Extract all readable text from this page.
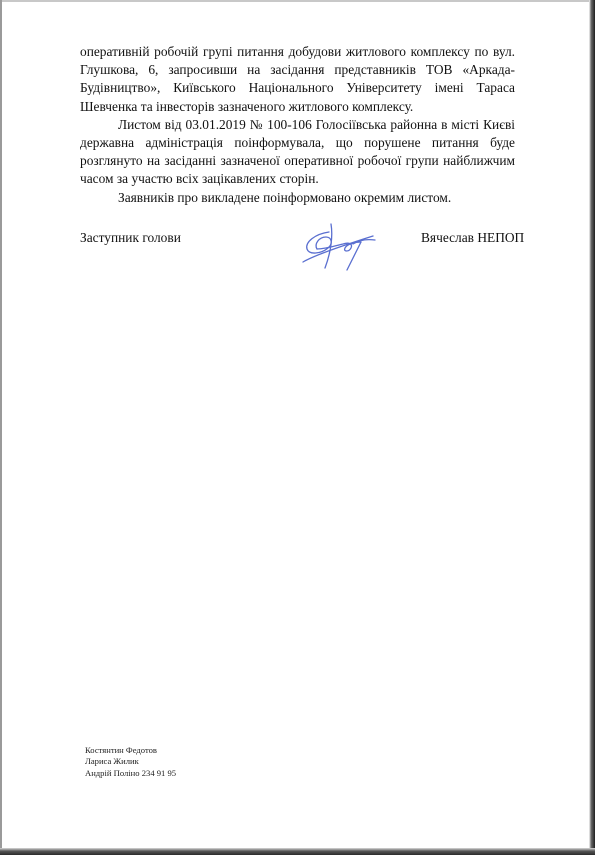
оперативній робочій групі питання добудови житлового комплексу по вул. Глушкова, 6, запросивши на засідання представників ТОВ «Аркада- Будівництво», Київського Національного Університету імені Тараса Шевченка та інвесторів зазначеного житлового комплексу.

Листом від 03.01.2019 № 100-106 Голосіївська районна в місті Києві державна адміністрація поінформувала, що порушене питання буде розглянуто на засіданні зазначеної оперативної робочої групи найближчим часом за участю всіх зацікавлених сторін.

Заявників про викладене поінформовано окремим листом.

Заступник голови	Вячеслав НЕПОП
Костянтин Федотов
Лариса Жилик
Андрій Поліно 234 91 95
